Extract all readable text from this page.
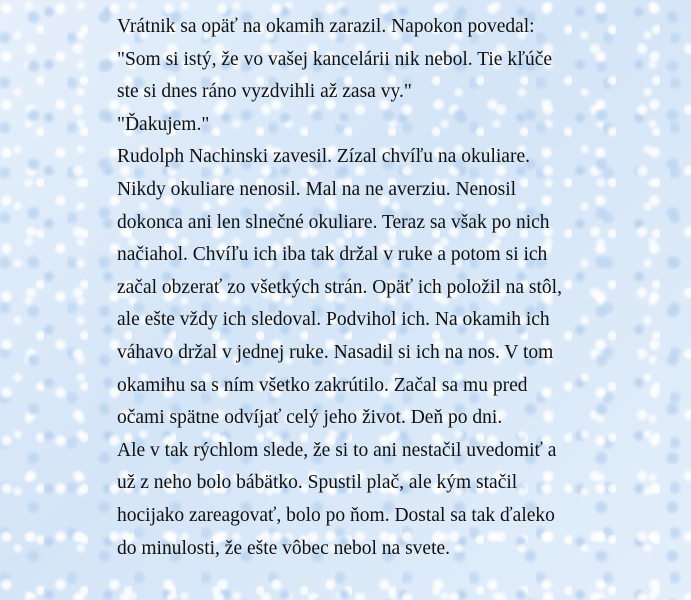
Vrátnik sa opäť na okamih zarazil. Napokon povedal:
"Som si istý, že vo vašej kancelárii nik nebol. Tie kľúče
ste si dnes ráno vyzdvihli až zasa vy."
"Ďakujem."
Rudolph Nachinski zavesil. Zízal chvíľu na okuliare.
Nikdy okuliare nenosil. Mal na ne averziu. Nenosil
dokonca ani len slnečné okuliare. Teraz sa však po nich
načiahol. Chvíľu ich iba tak držal v ruke a potom si ich
začal obzerať zo všetkých strán. Opäť ich položil na stôl,
ale ešte vždy ich sledoval. Podvihol ich. Na okamih ich
váhavo držal v jednej ruke. Nasadil si ich na nos. V tom
okamihu sa s ním všetko zakrútilo. Začal sa mu pred
očami spätne odvíjať celý jeho život. Deň po dni.
Ale v tak rýchlom slede, že si to ani nestačil uvedomiť a
už z neho bolo bábätko. Spustil plač, ale kým stačil
hocijako zareagovať, bolo po ňom. Dostal sa tak ďaleko
do minulosti, že ešte vôbec nebol na svete.
